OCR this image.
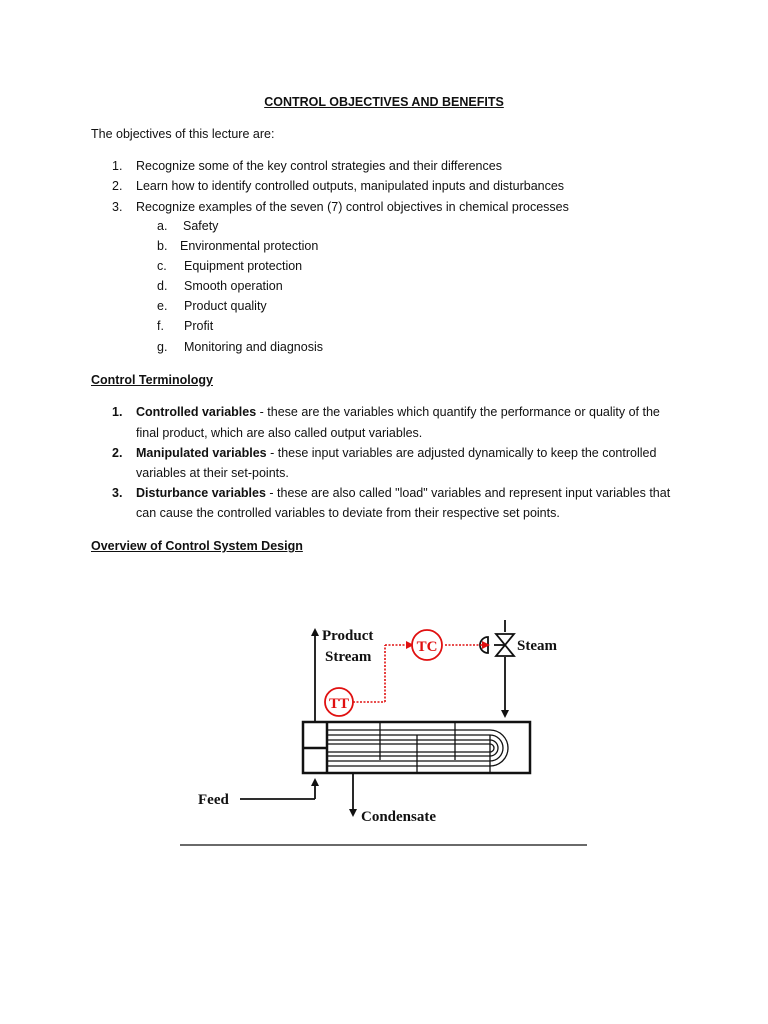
CONTROL OBJECTIVES AND BENEFITS
The objectives of this lecture are:
1. Recognize some of the key control strategies and their differences
2. Learn how to identify controlled outputs, manipulated inputs and disturbances
3. Recognize examples of the seven (7) control objectives in chemical processes
a. Safety
b. Environmental protection
c. Equipment protection
d. Smooth operation
e. Product quality
f. Profit
g. Monitoring and diagnosis
Control Terminology
1. Controlled variables - these are the variables which quantify the performance or quality of the
final product, which are also called output variables.
2. Manipulated variables - these input variables are adjusted dynamically to keep the controlled
variables at their set-points.
3. Disturbance variables - these are also called "load" variables and represent input variables that
can cause the controlled variables to deviate from their respective set points.
Overview of Control System Design
TT
TC
Product
Stream
Steam
Feed
Condensate
